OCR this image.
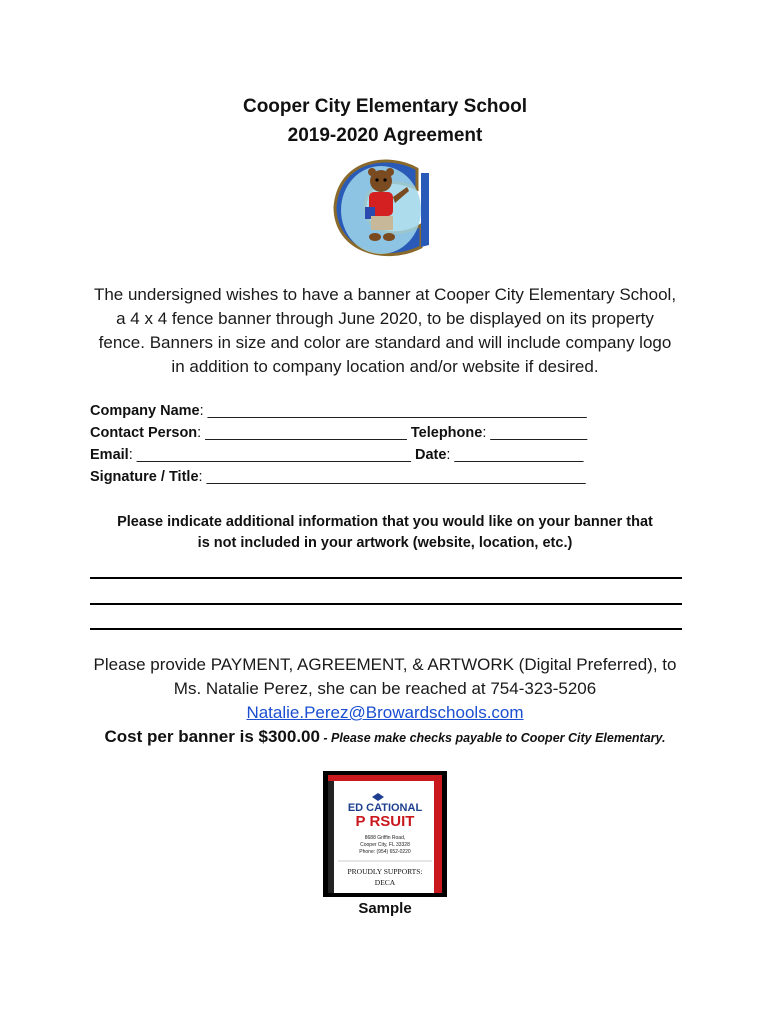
Cooper City Elementary School
2019-2020 Agreement
The undersigned wishes to have a banner at Cooper City Elementary School,
a 4 x 4 fence banner through June 2020, to be displayed on its property
fence. Banners in size and color are standard and will include company logo
in addition to company location and/or website if desired.
Company Name: _______________________________________________
Contact Person: _________________________ Telephone: ____________
Email: __________________________________ Date: ________________
Signature / Title: _______________________________________________
Please indicate additional information that you would like on your banner that
is not included in your artwork (website, location, etc.)
Please provide PAYMENT, AGREEMENT, & ARTWORK (Digital Preferred), to
Ms. Natalie Perez, she can be reached at 754-323-5206
Natalie.Perez@Browardschools.com
Cost per banner is $300.00 - Please make checks payable to Cooper City Elementary.
ED CATIONAL
P RSUIT
8688 Griffin Road,
Cooper City, FL 33328
Phone: (954) 652-0220
PROUDLY SUPPORTS:
DECA
Sample
